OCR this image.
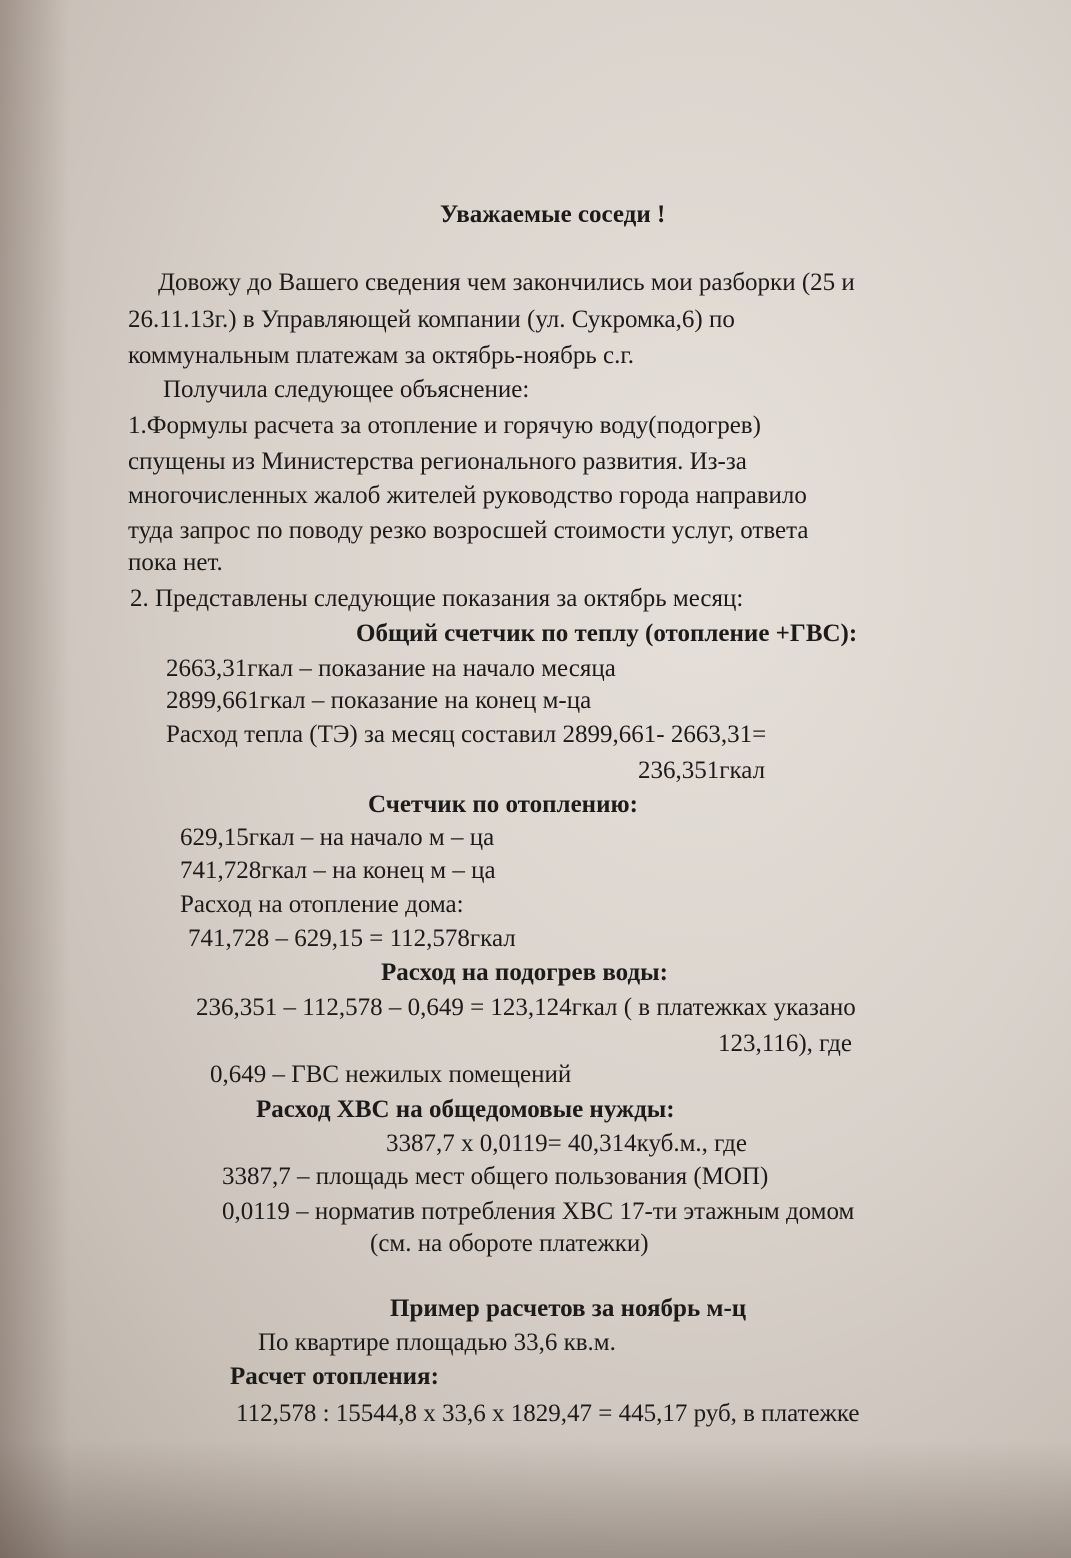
Уважаемые соседи !
Довожу до Вашего сведения чем закончились мои разборки (25 и
26.11.13г.) в Управляющей компании (ул. Сукромка,6) по
коммунальным платежам за октябрь-ноябрь с.г.
Получила следующее объяснение:
1.Формулы расчета за отопление и горячую воду(подогрев)
спущены из Министерства регионального развития. Из-за
многочисленных жалоб жителей руководство города направило
туда запрос по поводу резко возросшей стоимости услуг, ответа
пока нет.
2. Представлены следующие показания за октябрь месяц:
Общий счетчик по теплу (отопление +ГВС):
2663,31гкал – показание на начало месяца
2899,661гкал – показание на конец м-ца
Расход тепла (ТЭ) за месяц составил 2899,661- 2663,31=
236,351гкал
Счетчик по отоплению:
629,15гкал – на начало м – ца
741,728гкал – на конец м – ца
Расход на отопление дома:
741,728 – 629,15 = 112,578гкал
Расход на подогрев воды:
236,351 – 112,578 – 0,649 = 123,124гкал ( в платежках указано
123,116), где
0,649 – ГВС нежилых помещений
Расход ХВС на общедомовые нужды:
3387,7 х 0,0119= 40,314куб.м., где
3387,7 – площадь мест общего пользования (МОП)
0,0119 – норматив потребления ХВС 17-ти этажным домом
(см. на обороте платежки)
Пример расчетов за ноябрь м-ц
По квартире площадью 33,6 кв.м.
Расчет отопления:
112,578 : 15544,8 х 33,6 х 1829,47 = 445,17 руб, в платежке
